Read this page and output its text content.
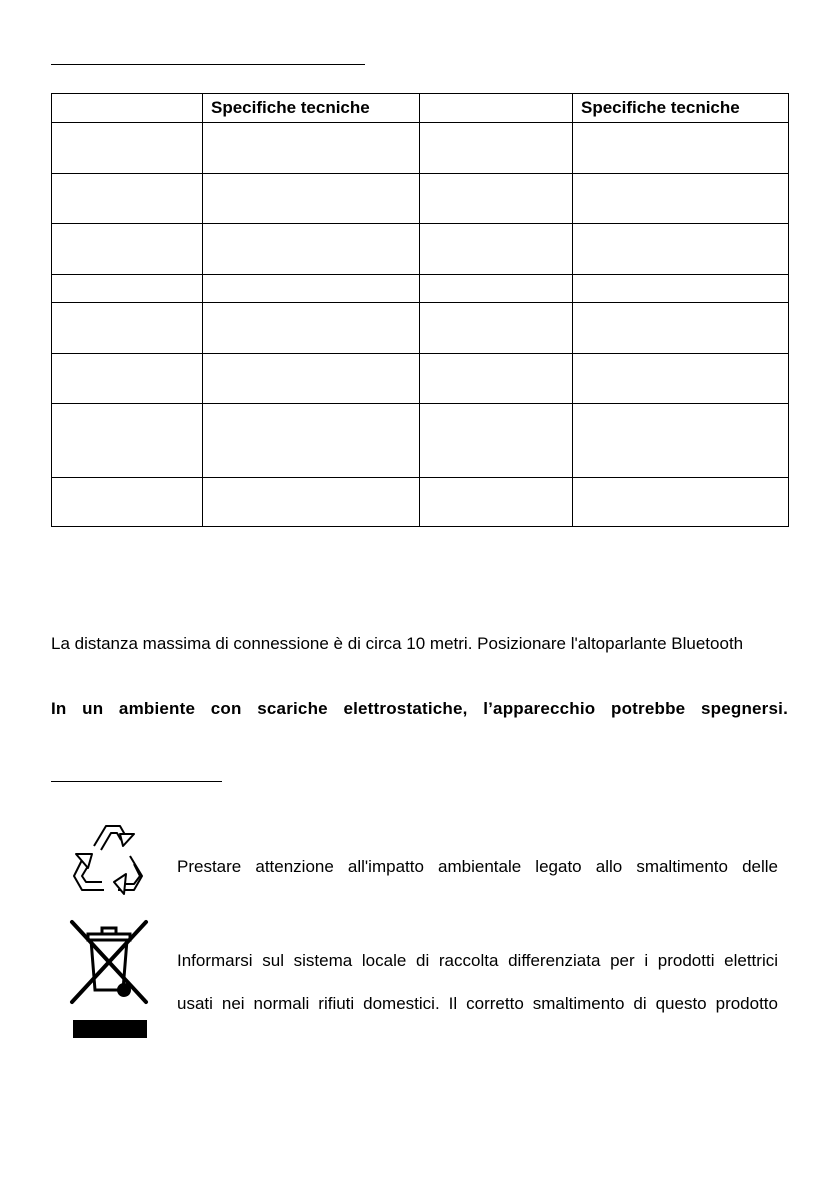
	Specifiche tecniche		Specifiche tecniche

La distanza massima di connessione è di circa 10 metri. Posizionare l'altoparlante Bluetooth
In un ambiente con scariche elettrostatiche, l’apparecchio potrebbe spegnersi.
Prestare attenzione all'impatto ambientale legato allo smaltimento delle
Informarsi sul sistema locale di raccolta differenziata per i prodotti elettrici
usati nei normali rifiuti domestici. Il corretto smaltimento di questo prodotto
